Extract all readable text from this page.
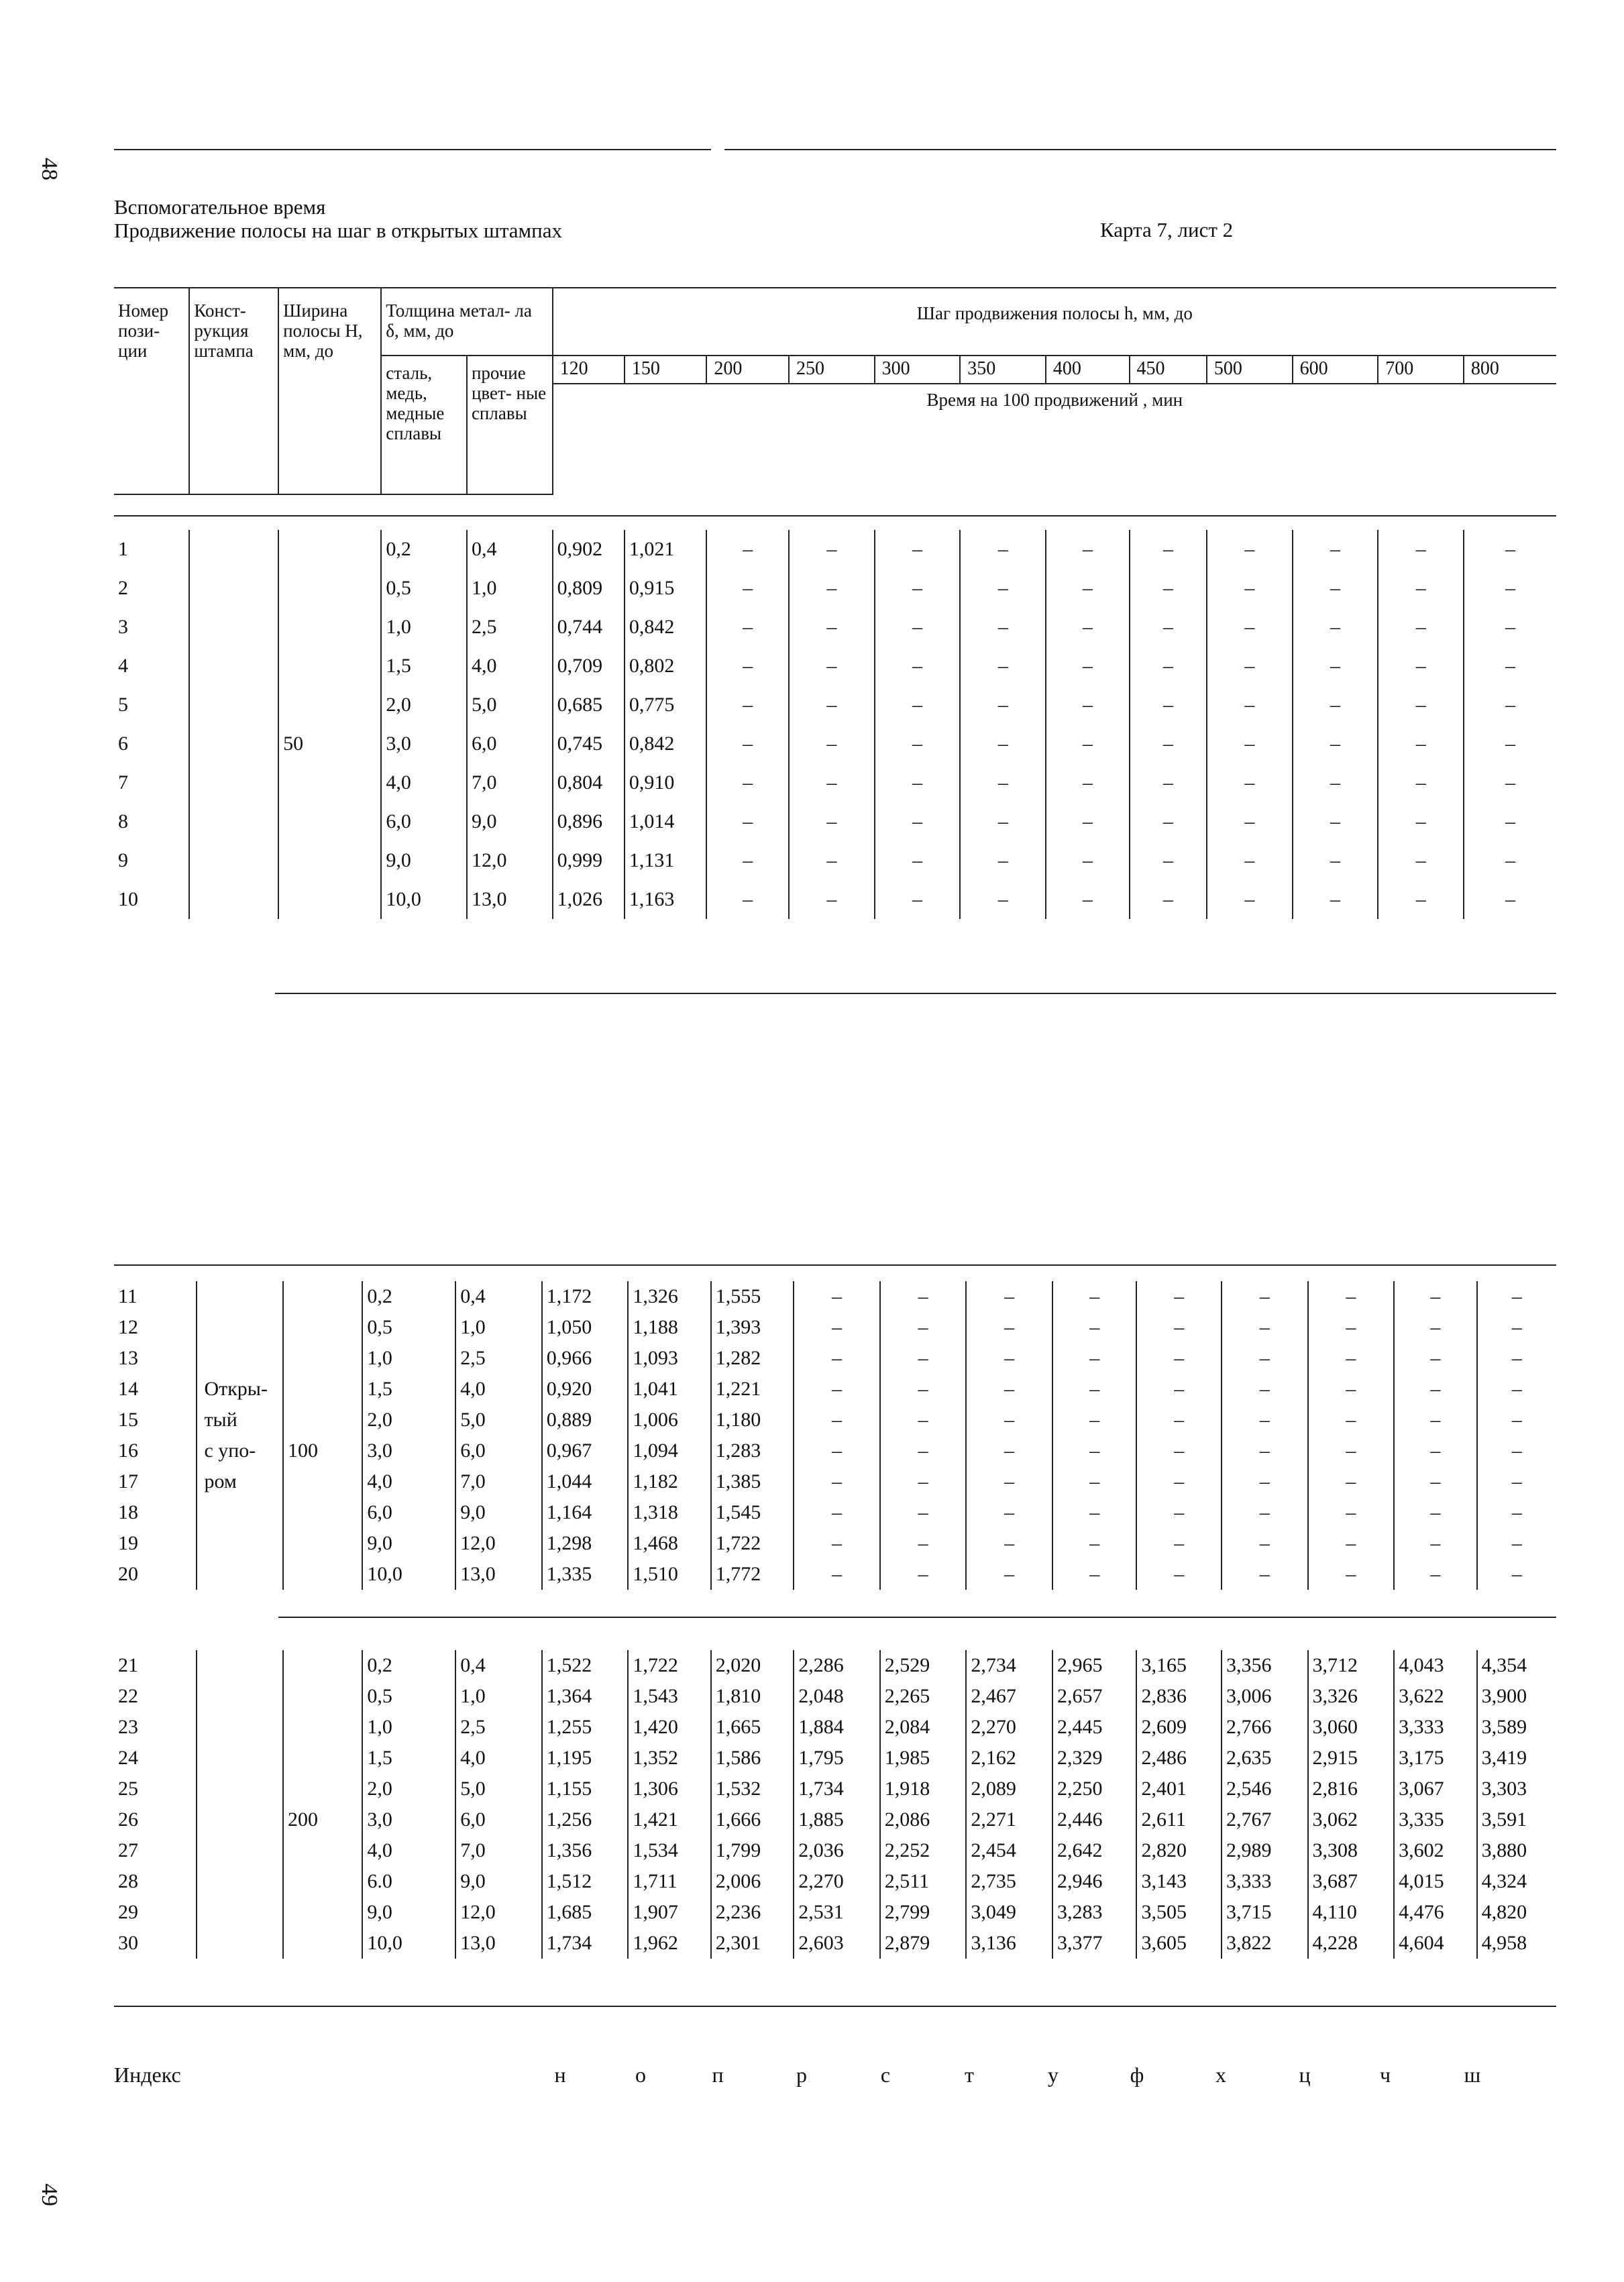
48
49
Вспомогательное время
Продвижение полосы на шаг в открытых штампах	Карта 7, лист 2
Номер пози- ции	Конст- рукция штампа	Ширина полосы Н, мм, до	Толщина метал- ла δ, мм, до		Шаг продвижения полосы h, мм, до											
			сталь, медь, медные сплавы	прочие цвет- ные сплавы	120	150	200	250	300	350	400	450	500	600	700	800
					Время на 100 продвижений , мин											
1			0,2	0,4	0,902	1,021	–	–	–	–	–	–	–	–	–	–
2			0,5	1,0	0,809	0,915	–	–	–	–	–	–	–	–	–	–
3			1,0	2,5	0,744	0,842	–	–	–	–	–	–	–	–	–	–
4			1,5	4,0	0,709	0,802	–	–	–	–	–	–	–	–	–	–
5			2,0	5,0	0,685	0,775	–	–	–	–	–	–	–	–	–	–
6		50	3,0	6,0	0,745	0,842	–	–	–	–	–	–	–	–	–	–
7			4,0	7,0	0,804	0,910	–	–	–	–	–	–	–	–	–	–
8			6,0	9,0	0,896	1,014	–	–	–	–	–	–	–	–	–	–
9			9,0	12,0	0,999	1,131	–	–	–	–	–	–	–	–	–	–
10			10,0	13,0	1,026	1,163	–	–	–	–	–	–	–	–	–	–
11			0,2	0,4	1,172	1,326	1,555	–	–	–	–	–	–	–	–	–
12			0,5	1,0	1,050	1,188	1,393	–	–	–	–	–	–	–	–	–
13			1,0	2,5	0,966	1,093	1,282	–	–	–	–	–	–	–	–	–
14	Откры-		1,5	4,0	0,920	1,041	1,221	–	–	–	–	–	–	–	–	–
15	тый		2,0	5,0	0,889	1,006	1,180	–	–	–	–	–	–	–	–	–
16	с упо-	100	3,0	6,0	0,967	1,094	1,283	–	–	–	–	–	–	–	–	–
17	ром		4,0	7,0	1,044	1,182	1,385	–	–	–	–	–	–	–	–	–
18			6,0	9,0	1,164	1,318	1,545	–	–	–	–	–	–	–	–	–
19			9,0	12,0	1,298	1,468	1,722	–	–	–	–	–	–	–	–	–
20			10,0	13,0	1,335	1,510	1,772	–	–	–	–	–	–	–	–	–
21			0,2	0,4	1,522	1,722	2,020	2,286	2,529	2,734	2,965	3,165	3,356	3,712	4,043	4,354
22			0,5	1,0	1,364	1,543	1,810	2,048	2,265	2,467	2,657	2,836	3,006	3,326	3,622	3,900
23			1,0	2,5	1,255	1,420	1,665	1,884	2,084	2,270	2,445	2,609	2,766	3,060	3,333	3,589
24			1,5	4,0	1,195	1,352	1,586	1,795	1,985	2,162	2,329	2,486	2,635	2,915	3,175	3,419
25			2,0	5,0	1,155	1,306	1,532	1,734	1,918	2,089	2,250	2,401	2,546	2,816	3,067	3,303
26		200	3,0	6,0	1,256	1,421	1,666	1,885	2,086	2,271	2,446	2,611	2,767	3,062	3,335	3,591
27			4,0	7,0	1,356	1,534	1,799	2,036	2,252	2,454	2,642	2,820	2,989	3,308	3,602	3,880
28			6.0	9,0	1,512	1,711	2,006	2,270	2,511	2,735	2,946	3,143	3,333	3,687	4,015	4,324
29			9,0	12,0	1,685	1,907	2,236	2,531	2,799	3,049	3,283	3,505	3,715	4,110	4,476	4,820
30			10,0	13,0	1,734	1,962	2,301	2,603	2,879	3,136	3,377	3,605	3,822	4,228	4,604	4,958
Индекс	н	о	п	р	с	т	у	ф	х	ц	ч	ш
